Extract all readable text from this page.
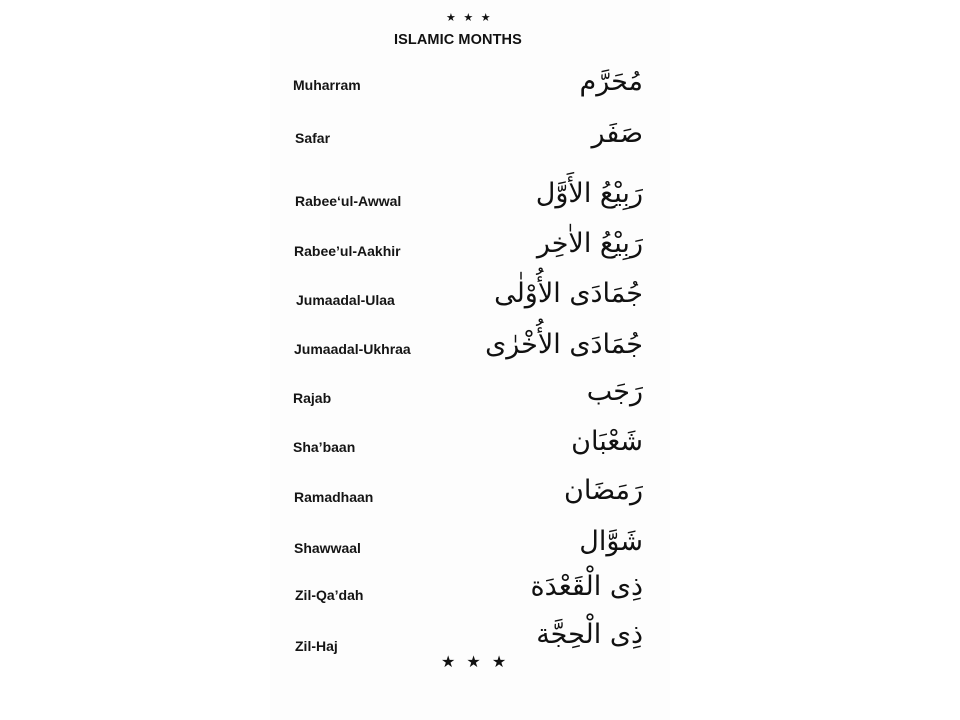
★ ★ ★
ISLAMIC MONTHS
Muharram	مُحَرَّم
Safar	صَفَر
Rabee‘ul-Awwal	رَبِيْعُ الأَوَّل
Rabee’ul-Aakhir	رَبِيْعُ الاٰخِر
Jumaadal-Ulaa	جُمَادَى الأُوْلٰى
Jumaadal-Ukhraa	جُمَادَى الأُخْرٰى
Rajab	رَجَب
Sha’baan	شَعْبَان
Ramadhaan	رَمَضَان
Shawwaal	شَوَّال
Zil-Qa’dah	ذِى الْقَعْدَة
Zil-Haj	ذِى الْحِجَّة
★ ★ ★
